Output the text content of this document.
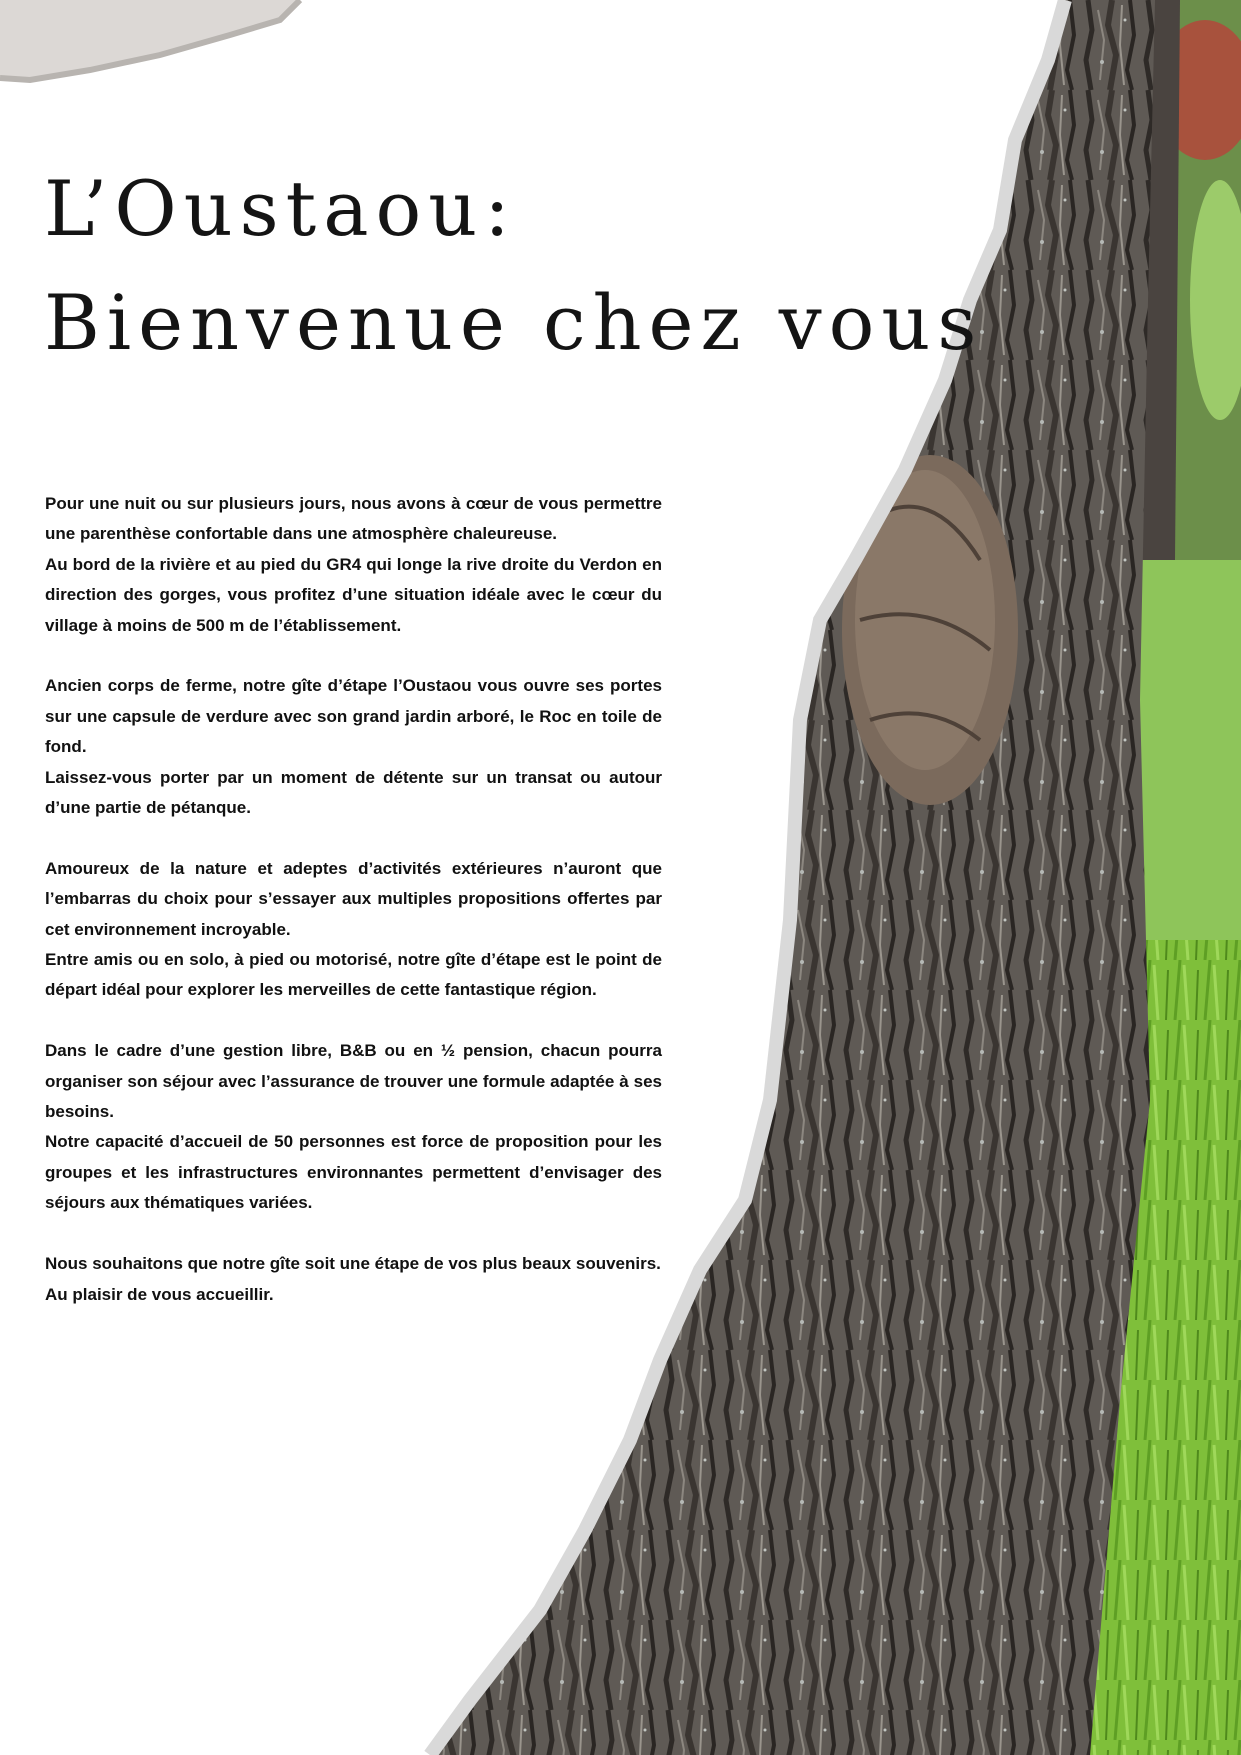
L’Oustaou:
Bienvenue chez vous

Pour une nuit ou sur plusieurs jours, nous avons à cœur de vous permettre une parenthèse confortable dans une atmosphère chaleureuse.
Au bord de la rivière et au pied du GR4 qui longe la rive droite du Verdon en direction des gorges, vous profitez d’une situation idéale avec le cœur du village à moins de 500 m de l’établissement.

Ancien corps de ferme, notre gîte d’étape l’Oustaou vous ouvre ses portes sur une capsule de verdure avec son grand jardin arboré, le Roc en toile de fond.
Laissez-vous porter par un moment de détente sur un transat ou autour d’une partie de pétanque.

Amoureux de la nature et adeptes d’activités extérieures n’auront que l’embarras du choix pour s’essayer aux multiples propositions offertes par cet environnement incroyable.
Entre amis ou en solo, à pied ou motorisé, notre gîte d’étape est le point de départ idéal pour explorer les merveilles de cette fantastique région.

Dans le cadre d’une gestion libre, B&B ou en ½ pension, chacun pourra organiser son séjour avec l’assurance de trouver une formule adaptée à ses besoins.
Notre capacité d’accueil de 50 personnes est force de proposition pour les groupes et les infrastructures environnantes permettent d’envisager des séjours aux thématiques variées.

Nous souhaitons que notre gîte soit une étape de vos plus beaux souvenirs.
Au plaisir de vous accueillir.
